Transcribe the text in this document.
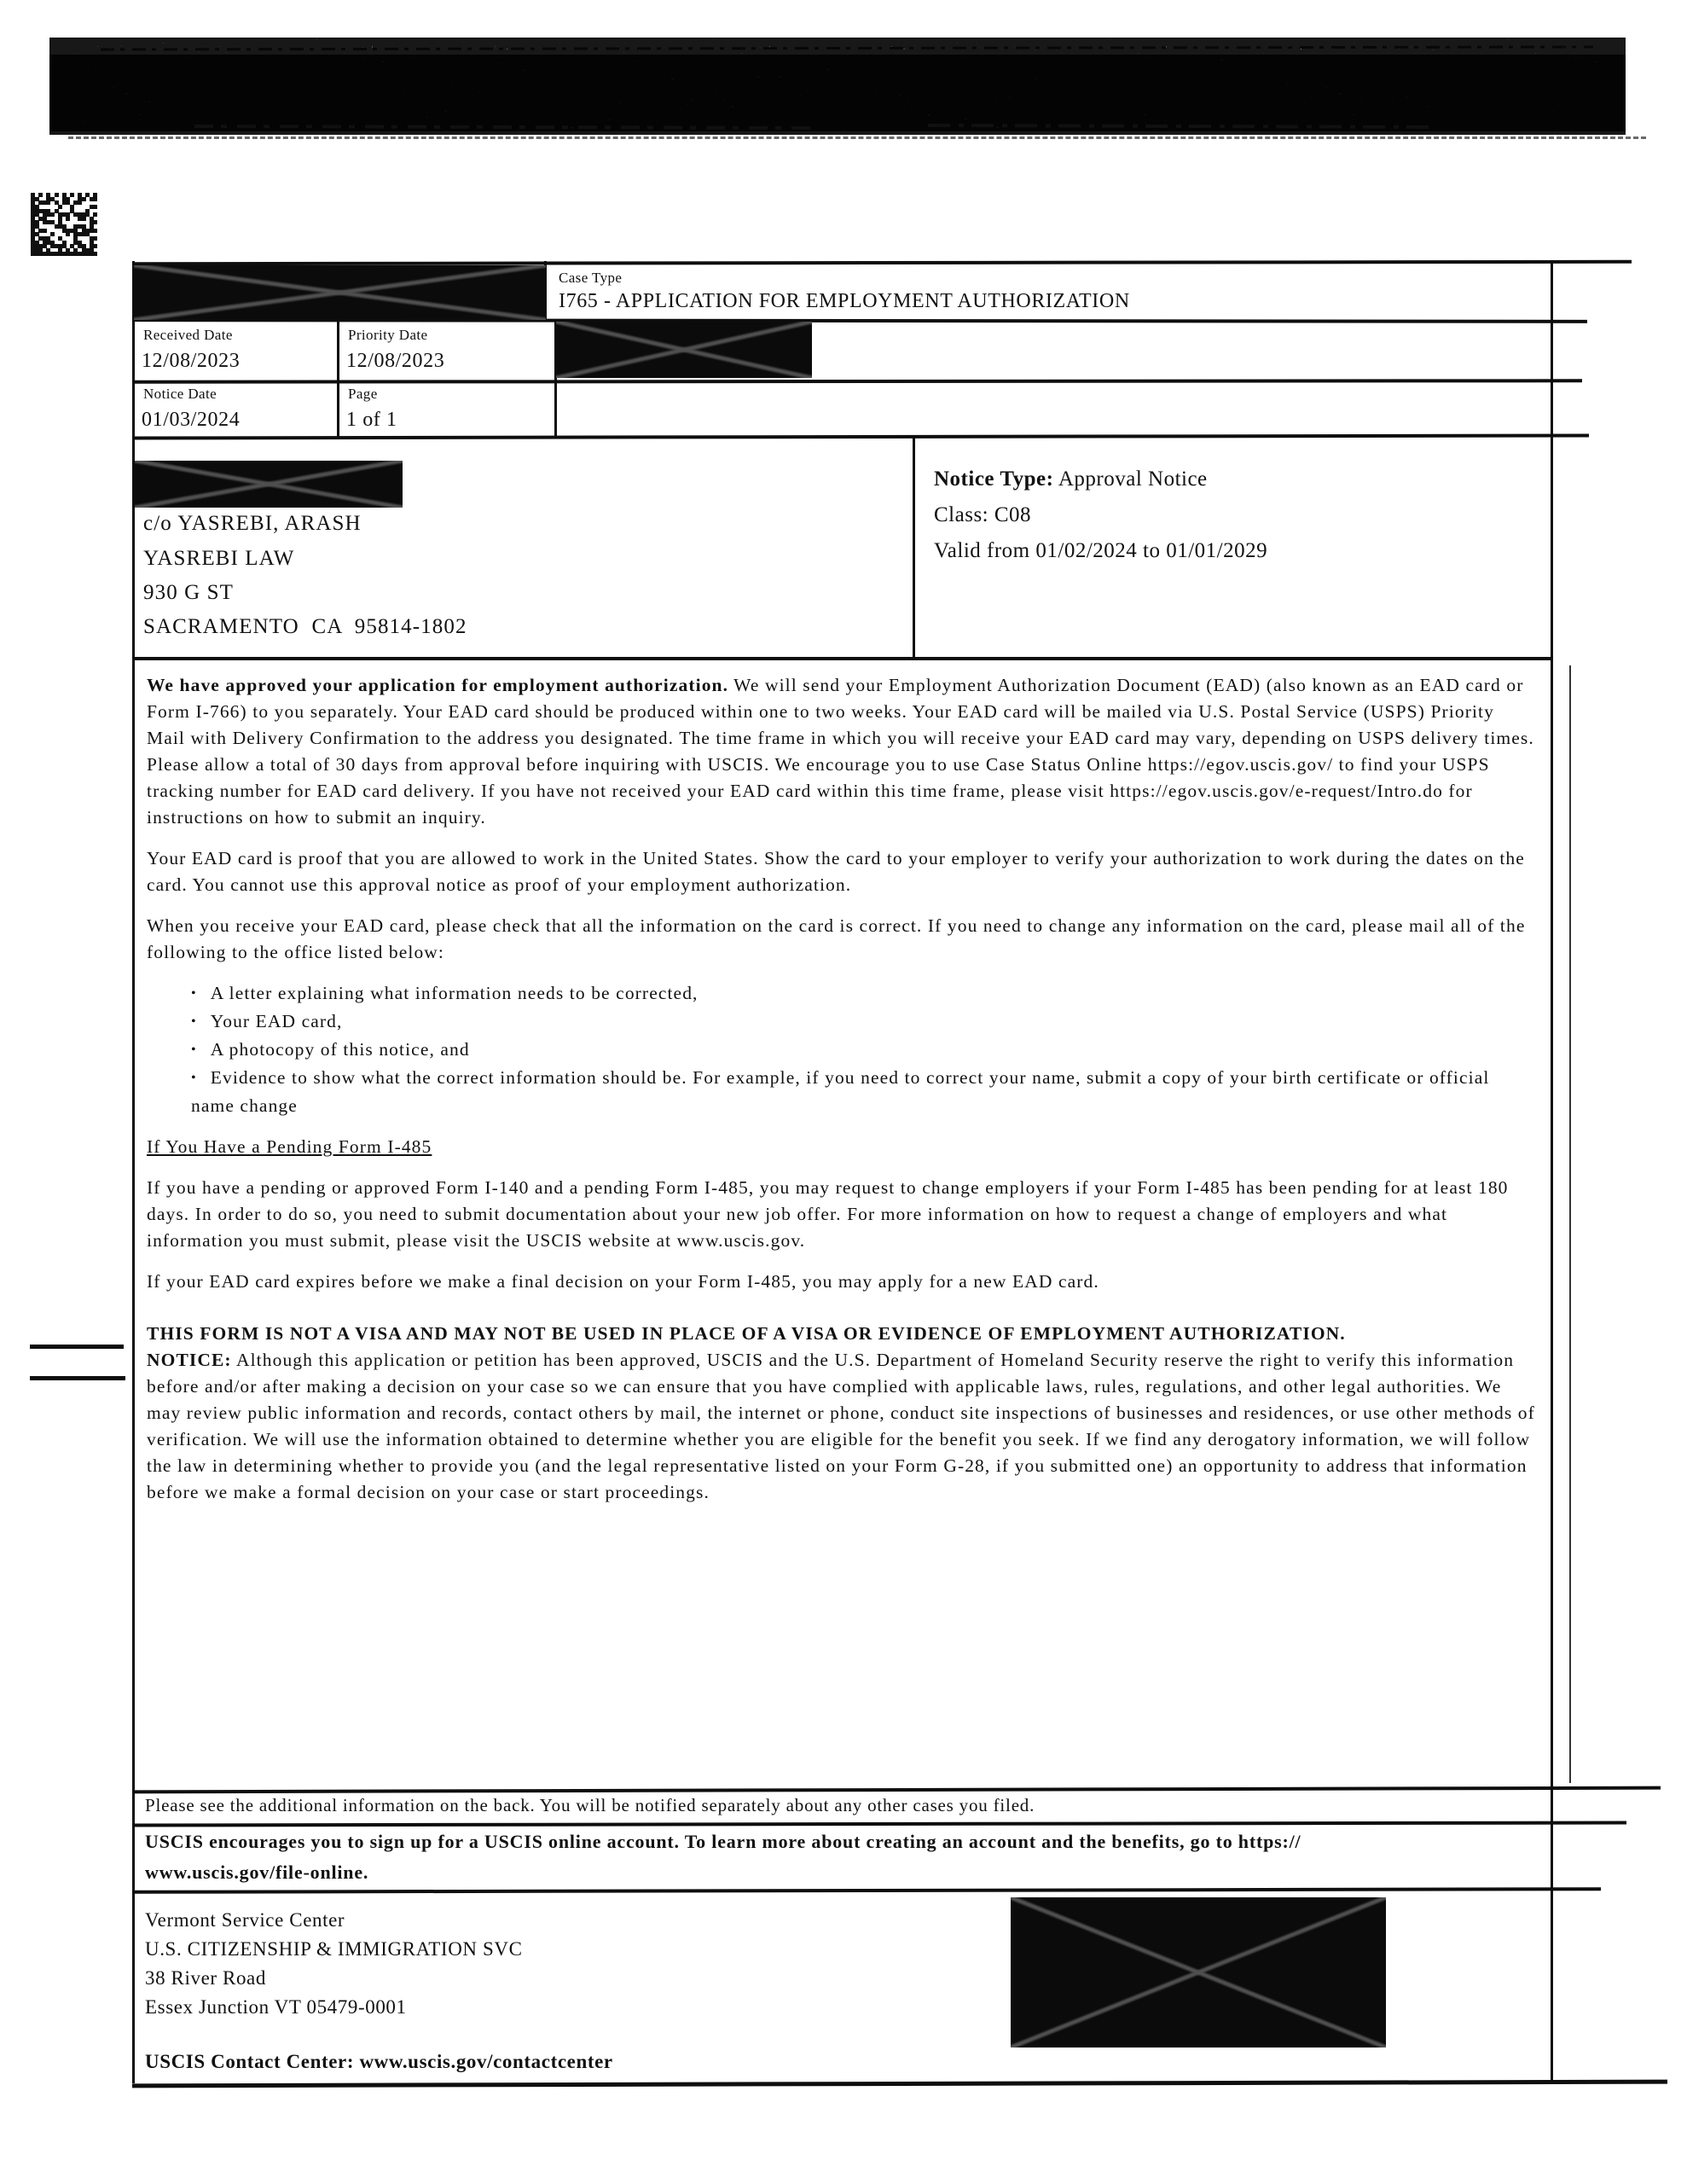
I-797 | NOTICE OF ACTION	DEPARTMENT OF HOMELAND SECURITY
U.S. CITIZENSHIP AND IMMIGRATION SERVICES
Case Type
I765 - APPLICATION FOR EMPLOYMENT AUTHORIZATION
Received Date
12/08/2023
Priority Date
12/08/2023
Notice Date
01/03/2024
Page
1 of 1
c/o YASREBI, ARASH
YASREBI LAW
930 G ST
SACRAMENTO  CA  95814-1802
Notice Type: Approval Notice
Class: C08
Valid from 01/02/2024 to 01/01/2029

We have approved your application for employment authorization. We will send your Employment Authorization Document (EAD) (also known as an EAD card or Form I-766) to you separately. Your EAD card should be produced within one to two weeks. Your EAD card will be mailed via U.S. Postal Service (USPS) Priority Mail with Delivery Confirmation to the address you designated. The time frame in which you will receive your EAD card may vary, depending on USPS delivery times. Please allow a total of 30 days from approval before inquiring with USCIS. We encourage you to use Case Status Online https://egov.uscis.gov/ to find your USPS tracking number for EAD card delivery. If you have not received your EAD card within this time frame, please visit https://egov.uscis.gov/e-request/Intro.do for instructions on how to submit an inquiry.

Your EAD card is proof that you are allowed to work in the United States. Show the card to your employer to verify your authorization to work during the dates on the card. You cannot use this approval notice as proof of your employment authorization.

When you receive your EAD card, please check that all the information on the card is correct. If you need to change any information on the card, please mail all of the following to the office listed below:

• A letter explaining what information needs to be corrected,
• Your EAD card,
• A photocopy of this notice, and
• Evidence to show what the correct information should be. For example, if you need to correct your name, submit a copy of your birth certificate or official name change

If You Have a Pending Form I-485

If you have a pending or approved Form I-140 and a pending Form I-485, you may request to change employers if your Form I-485 has been pending for at least 180 days. In order to do so, you need to submit documentation about your new job offer. For more information on how to request a change of employers and what information you must submit, please visit the USCIS website at www.uscis.gov.

If your EAD card expires before we make a final decision on your Form I-485, you may apply for a new EAD card.

THIS FORM IS NOT A VISA AND MAY NOT BE USED IN PLACE OF A VISA OR EVIDENCE OF EMPLOYMENT AUTHORIZATION.

NOTICE: Although this application or petition has been approved, USCIS and the U.S. Department of Homeland Security reserve the right to verify this information before and/or after making a decision on your case so we can ensure that you have complied with applicable laws, rules, regulations, and other legal authorities. We may review public information and records, contact others by mail, the internet or phone, conduct site inspections of businesses and residences, or use other methods of verification. We will use the information obtained to determine whether you are eligible for the benefit you seek. If we find any derogatory information, we will follow the law in determining whether to provide you (and the legal representative listed on your Form G-28, if you submitted one) an opportunity to address that information before we make a formal decision on your case or start proceedings.

Please see the additional information on the back. You will be notified separately about any other cases you filed.
USCIS encourages you to sign up for a USCIS online account. To learn more about creating an account and the benefits, go to https://
www.uscis.gov/file-online.
Vermont Service Center
U.S. CITIZENSHIP & IMMIGRATION SVC
38 River Road
Essex Junction VT 05479-0001
USCIS Contact Center: www.uscis.gov/contactcenter
Form I-797 (Rev. 01/31/05) N
